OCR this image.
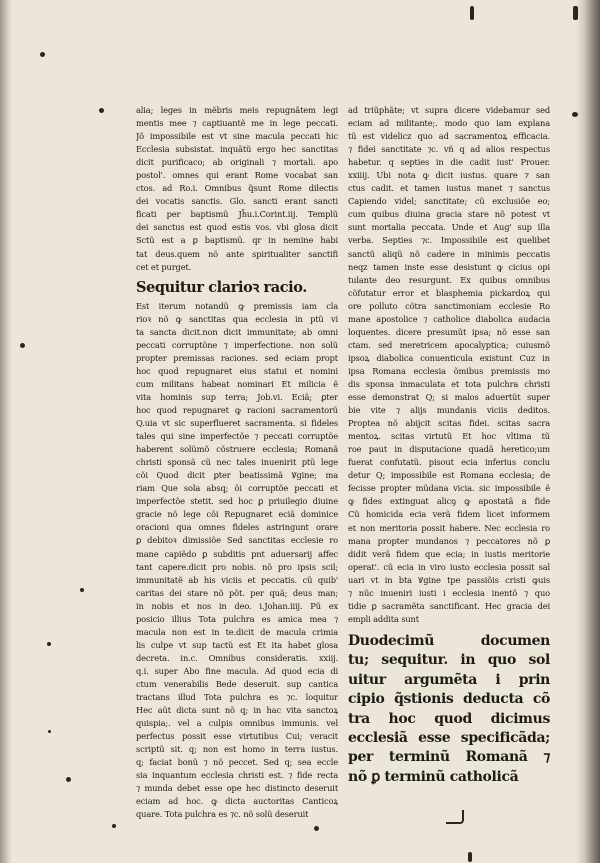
alia; leges in mẽbris meis repugnãtem legi
mentis mee ⁊ captiuantẽ me in lege peccati.
Jõ impossibile est vt sine macula peccati hic
Ecclesia subsistat. inquãtũ ergo hec sanctitas
dicit purificaco; ab originali ⁊ mortali. apo
postol'. omnes qui erant Rome vocabat san
ctos. ad Ro.i. Omnibus q̃sunt Rome dilectis
dei vocatis sanctis. Glo. sancti erant sancti
ficati per baptismũ Jh̃u.i.Corint.iij. Templũ
dei sanctus est quod estis vos. vbi glosa dicit
Sctũ est a ꝑ baptismũ. qr in nemine habi
tat deus.quem nõ ante spiritualiter sanctifi
cet et purget.
Sequitur clarioꝛ racio.
Est iterum notandũ ꝙ premissis iam cla
rioꝛ nõ ꝙ sanctitas qua ecclesia in ptũ vi
ta sancta dicit.non dicit immunitate; ab omni
peccati corruptõne ⁊ imperfectione. non solũ
propter premissas raciones. sed eciam propt
hoc quod repugnaret eius statui et nomini
cum militans habeat nominari Et milicia ẽ
vita hominis sup terra; Job.vi. Eciã; ꝑter
hoc quod repugnaret ꝙ racioni sacramentorũ
Q.uia vt sic superflueret sacramenta. si fideles
tales qui sine imperfectõe ⁊ peccati corruptõe
haberent solũmõ cõstruere ecclesia; Romanã
christi sponsã cũ nec tales inuenirit ptũ lege
cõi Quod dicit ꝑter beatissimã Ꝟgine; ma
riam Que sola absq; õi corruptõe peccati et
imperfectõe stetit. sed hoc ꝑ priuilegio diuine
gracie nõ lege cõi Repugnaret eciã dominice
oracioni qua omnes fideles astringunt orare
ꝑ debitoꝛ dimissiõe Sed sanctitas ecclesie ro
mane capiẽdo ꝑ subditis pnt aduersarij affec
tant capere.dicit pro nobis. nõ pro ipsis scil;
immunitatẽ ab his viciis et peccatis. cũ quib'
caritas dei stare nõ põt. per quã; deus man;
in nobis et nos in deo. i.Johan.iiij. Pũ ex
posicio illius Tota pulchra es amica mea ⁊
macula non est in te.dicit de macula crimia
lis culpe vt sup tactũ est Et ita habet glosa
decreta. in.c. Omnibus consideratis. xxiij.
q.i. super Abo fine macula. Ad quod ecia di
ctum venerabilis Bede deseruit. sup cantica
tractans illud Tota pulchra es ⁊c. loquitur
Hec aũt dicta sunt nõ q; in hac vita sanctoꝝ
quispia;. vel a culpis omnibus immunis. vel
perfectus possit esse virtutibus Cui; veracit
scriptũ sit. q; non est homo in terra iustus.
q; faciat bonũ ⁊ nõ peccet. Sed q; sea eccle
sia inquantum ecclesia christi est. ⁊ fide recta
⁊ munda debet esse ope hec distincto deseruit
eciam ad hoc. ꝙ dicta auctoritas Canticoꝝ
quare. Tota pulchra es ⁊c. nõ solũ deseruit
ad triũphãte; vt supra dicere videbamur sed
eciam ad militante;. modo quo iam explana
tũ est videlicz quo ad sacramentoꝝ efficacia.
⁊ fidei sanctitate ⁊c. vñ q ad alios respectus
habetur. q septies in die cadit iust' Prouer.
xxiiij. Ubi nota ꝙ dicit iustus. quare ⁊ san
ctus cadit. et tamen iustus manet ⁊ sanctus
Capiendo videl; sanctitate; cũ exclusiõe eo;
cum quibus diuina gracia stare nõ potest vt
sunt mortalia peccata. Unde et Aug' sup illa
verba. Septies ⁊c. Impossibile est quelibet
sanctũ aliqũ nõ cadere in minimis peccatis
neqz tamen inste esse desistunt ꝙ cicius opi
tulante deo resurgunt. Ex quibus omnibus
cõfutatur error et blasphemia pickardoꝝ qui
ore polluto cõtra sanctimoniam ecclesie Ro
mane apostolice ⁊ catholice diabolica audacia
loquentes. dicere presumũt ipsa; nõ esse san
ctam. sed meretricem apocalyptica; cuiusmõ
ipsoꝝ diabolica conuenticula existunt Cuz in
ipsa Romana ecclesia õmibus premissis mo
dis sponsa inmaculata et tota pulchra christi
esse demonstrat Q; si malos aduertũt super
bie vite ⁊ alijs mundanis viciis deditos.
Proptea nõ abijcit scitas fidei. scitas sacra
mentoꝝ. scitas virtutũ Et hoc vltima tũ
roe paut in disputacione quadã heretico;um
fuerat confutatũ. pisout ecia inferius conclu
detur Q; impossibile est Romana ecclesia; de
fecisse propter mũdana vicia. sic impossibile ẽ
ꝙ fides extinguat alicꝯ ꝙ apostatã a fide
Cũ homicida ecia verã fidem licet informem
et non meritoria possit habere. Nec ecclesia ro
mana propter mundanos ⁊ peccatores nõ ꝑ
didit verã fidem que ecia; in iustis meritorie
operat'. cũ ecia in viro iusto ecclesia possit sal
uari vt in bta Ꝟgine tpe passiõis cristi ꝙuis
⁊ nũc inueniri iusti i ecclesia inentõ ⁊ quo
tidie ꝑ sacramẽta sanctificant. Hec gracia dei
empli addita sunt
Duodecimũ documen
tu; sequitur. in quo sol
uitur argumẽta i prin
cipio q̃stionis deducta cõ
tra hoc quod dicimus
ecclesiã esse specificãda;
per terminũ Romanã ⁊
nõ ꝑ terminũ catholicã
